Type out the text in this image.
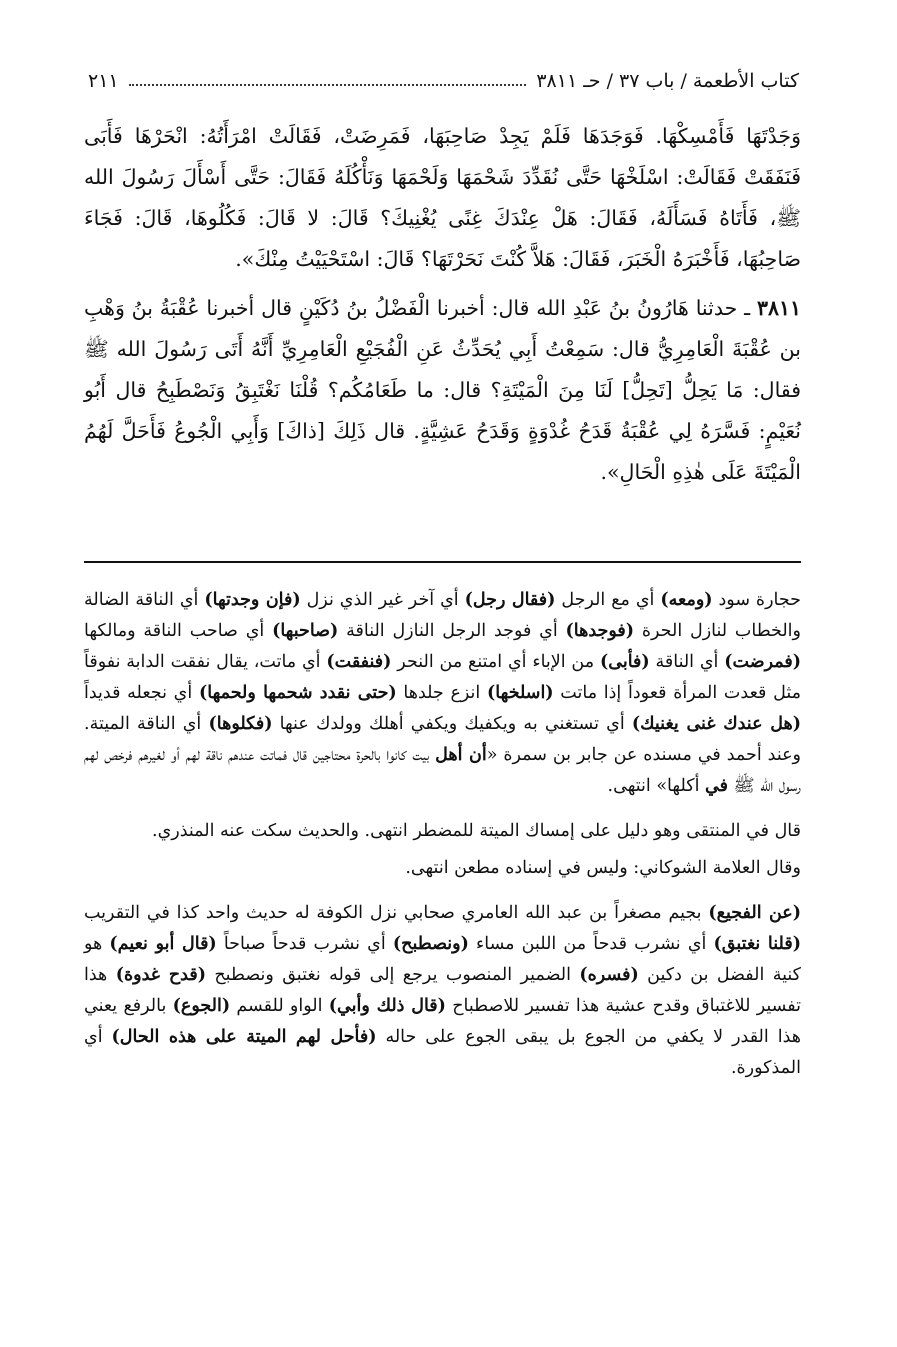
كتاب الأطعمة / باب ٣٧ / حـ ٣٨١١
٢١١

وَجَدْتَهَا فَأَمْسِكْهَا. فَوَجَدَهَا فَلَمْ يَجِدْ صَاحِبَهَا، فَمَرِضَتْ، فَقَالَتْ امْرَأَتُهُ: انْحَرْهَا فَأَبَى فَنَفَقَتْ فَقَالَتْ: اسْلَخْهَا حَتَّى نُقَدِّدَ شَحْمَهَا وَلَحْمَهَا وَنَأْكُلَهُ فَقَالَ: حَتَّى أَسْأَلَ رَسُولَ الله ﷺ، فَأَتَاهُ فَسَأَلَهُ، فَقَالَ: هَلْ عِنْدَكَ غِنًى يُغْنِيكَ؟ قَالَ: لا قَالَ: فَكُلُوهَا، قَالَ: فَجَاءَ صَاحِبُهَا، فَأَخْبَرَهُ الْخَبَرَ، فَقَالَ: هَلاَّ كُنْتَ نَحَرْتَهَا؟ قَالَ: اسْتَحْيَيْتُ مِنْكَ».

٣٨١١ ـ حدثنا هَارُونُ بنُ عَبْدِ الله قال: أخبرنا الْفَضْلُ بنُ دُكَيْنٍ قال أخبرنا عُقْبَةُ بنُ وَهْبِ بن عُقْبَةَ الْعَامِرِيُّ قال: سَمِعْتُ أَبِي يُحَدِّثُ عَنِ الْفُجَيْعِ الْعَامِرِيِّ أَنَّهُ أَتَى رَسُولَ الله ﷺ فقال: مَا يَحِلُّ [تَحِلُّ] لَنَا مِنَ الْمَيْتَةِ؟ قال: ما طَعَامُكُم؟ قُلْنَا نَغْتَبِقُ وَنَصْطَبِحُ قال أَبُو نُعَيْمٍ: فَسَّرَهُ لِي عُقْبَةُ قَدَحُ غُدْوَةٍ وَقَدَحُ عَشِيَّةٍ. قال ذَلِكَ [ذاكَ] وَأَبِي الْجُوعُ فَأَحَلَّ لَهُمُ الْمَيْتَةَ عَلَى هٰذِهِ الْحَالِ».

حجارة سود (ومعه) أي مع الرجل (فقال رجل) أي آخر غير الذي نزل (فإن وجدتها) أي الناقة الضالة والخطاب لنازل الحرة (فوجدها) أي فوجد الرجل النازل الناقة (صاحبها) أي صاحب الناقة ومالكها (فمرضت) أي الناقة (فأبى) من الإباء أي امتنع من النحر (فنفقت) أي ماتت، يقال نفقت الدابة نفوقاً مثل قعدت المرأة قعوداً إذا ماتت (اسلخها) انزع جلدها (حتى نقدد شحمها ولحمها) أي نجعله قديداً (هل عندك غنى يغنيك) أي تستغني به ويكفيك ويكفي أهلك وولدك عنها (فكلوها) أي الناقة الميتة. وعند أحمد في مسنده عن جابر بن سمرة «أن أهل بيت كانوا بالحرة محتاجين قال فماتت عندهم ناقة لهم أو لغيرهم فرخص لهم رسول الله ﷺ في أكلها» انتهى.

قال في المنتقى وهو دليل على إمساك الميتة للمضطر انتهى. والحديث سكت عنه المنذري.

وقال العلامة الشوكاني: وليس في إسناده مطعن انتهى.

(عن الفجيع) بجيم مصغراً بن عبد الله العامري صحابي نزل الكوفة له حديث واحد كذا في التقريب (قلنا نغتبق) أي نشرب قدحاً من اللبن مساء (ونصطبح) أي نشرب قدحاً صباحاً (قال أبو نعيم) هو كنية الفضل بن دكين (فسره) الضمير المنصوب يرجع إلى قوله نغتبق ونصطبح (قدح غدوة) هذا تفسير للاغتباق وقدح عشية هذا تفسير للاصطباح (قال ذلك وأبي) الواو للقسم (الجوع) بالرفع يعني هذا القدر لا يكفي من الجوع بل يبقى الجوع على حاله (فأحل لهم الميتة على هذه الحال) أي المذكورة.
